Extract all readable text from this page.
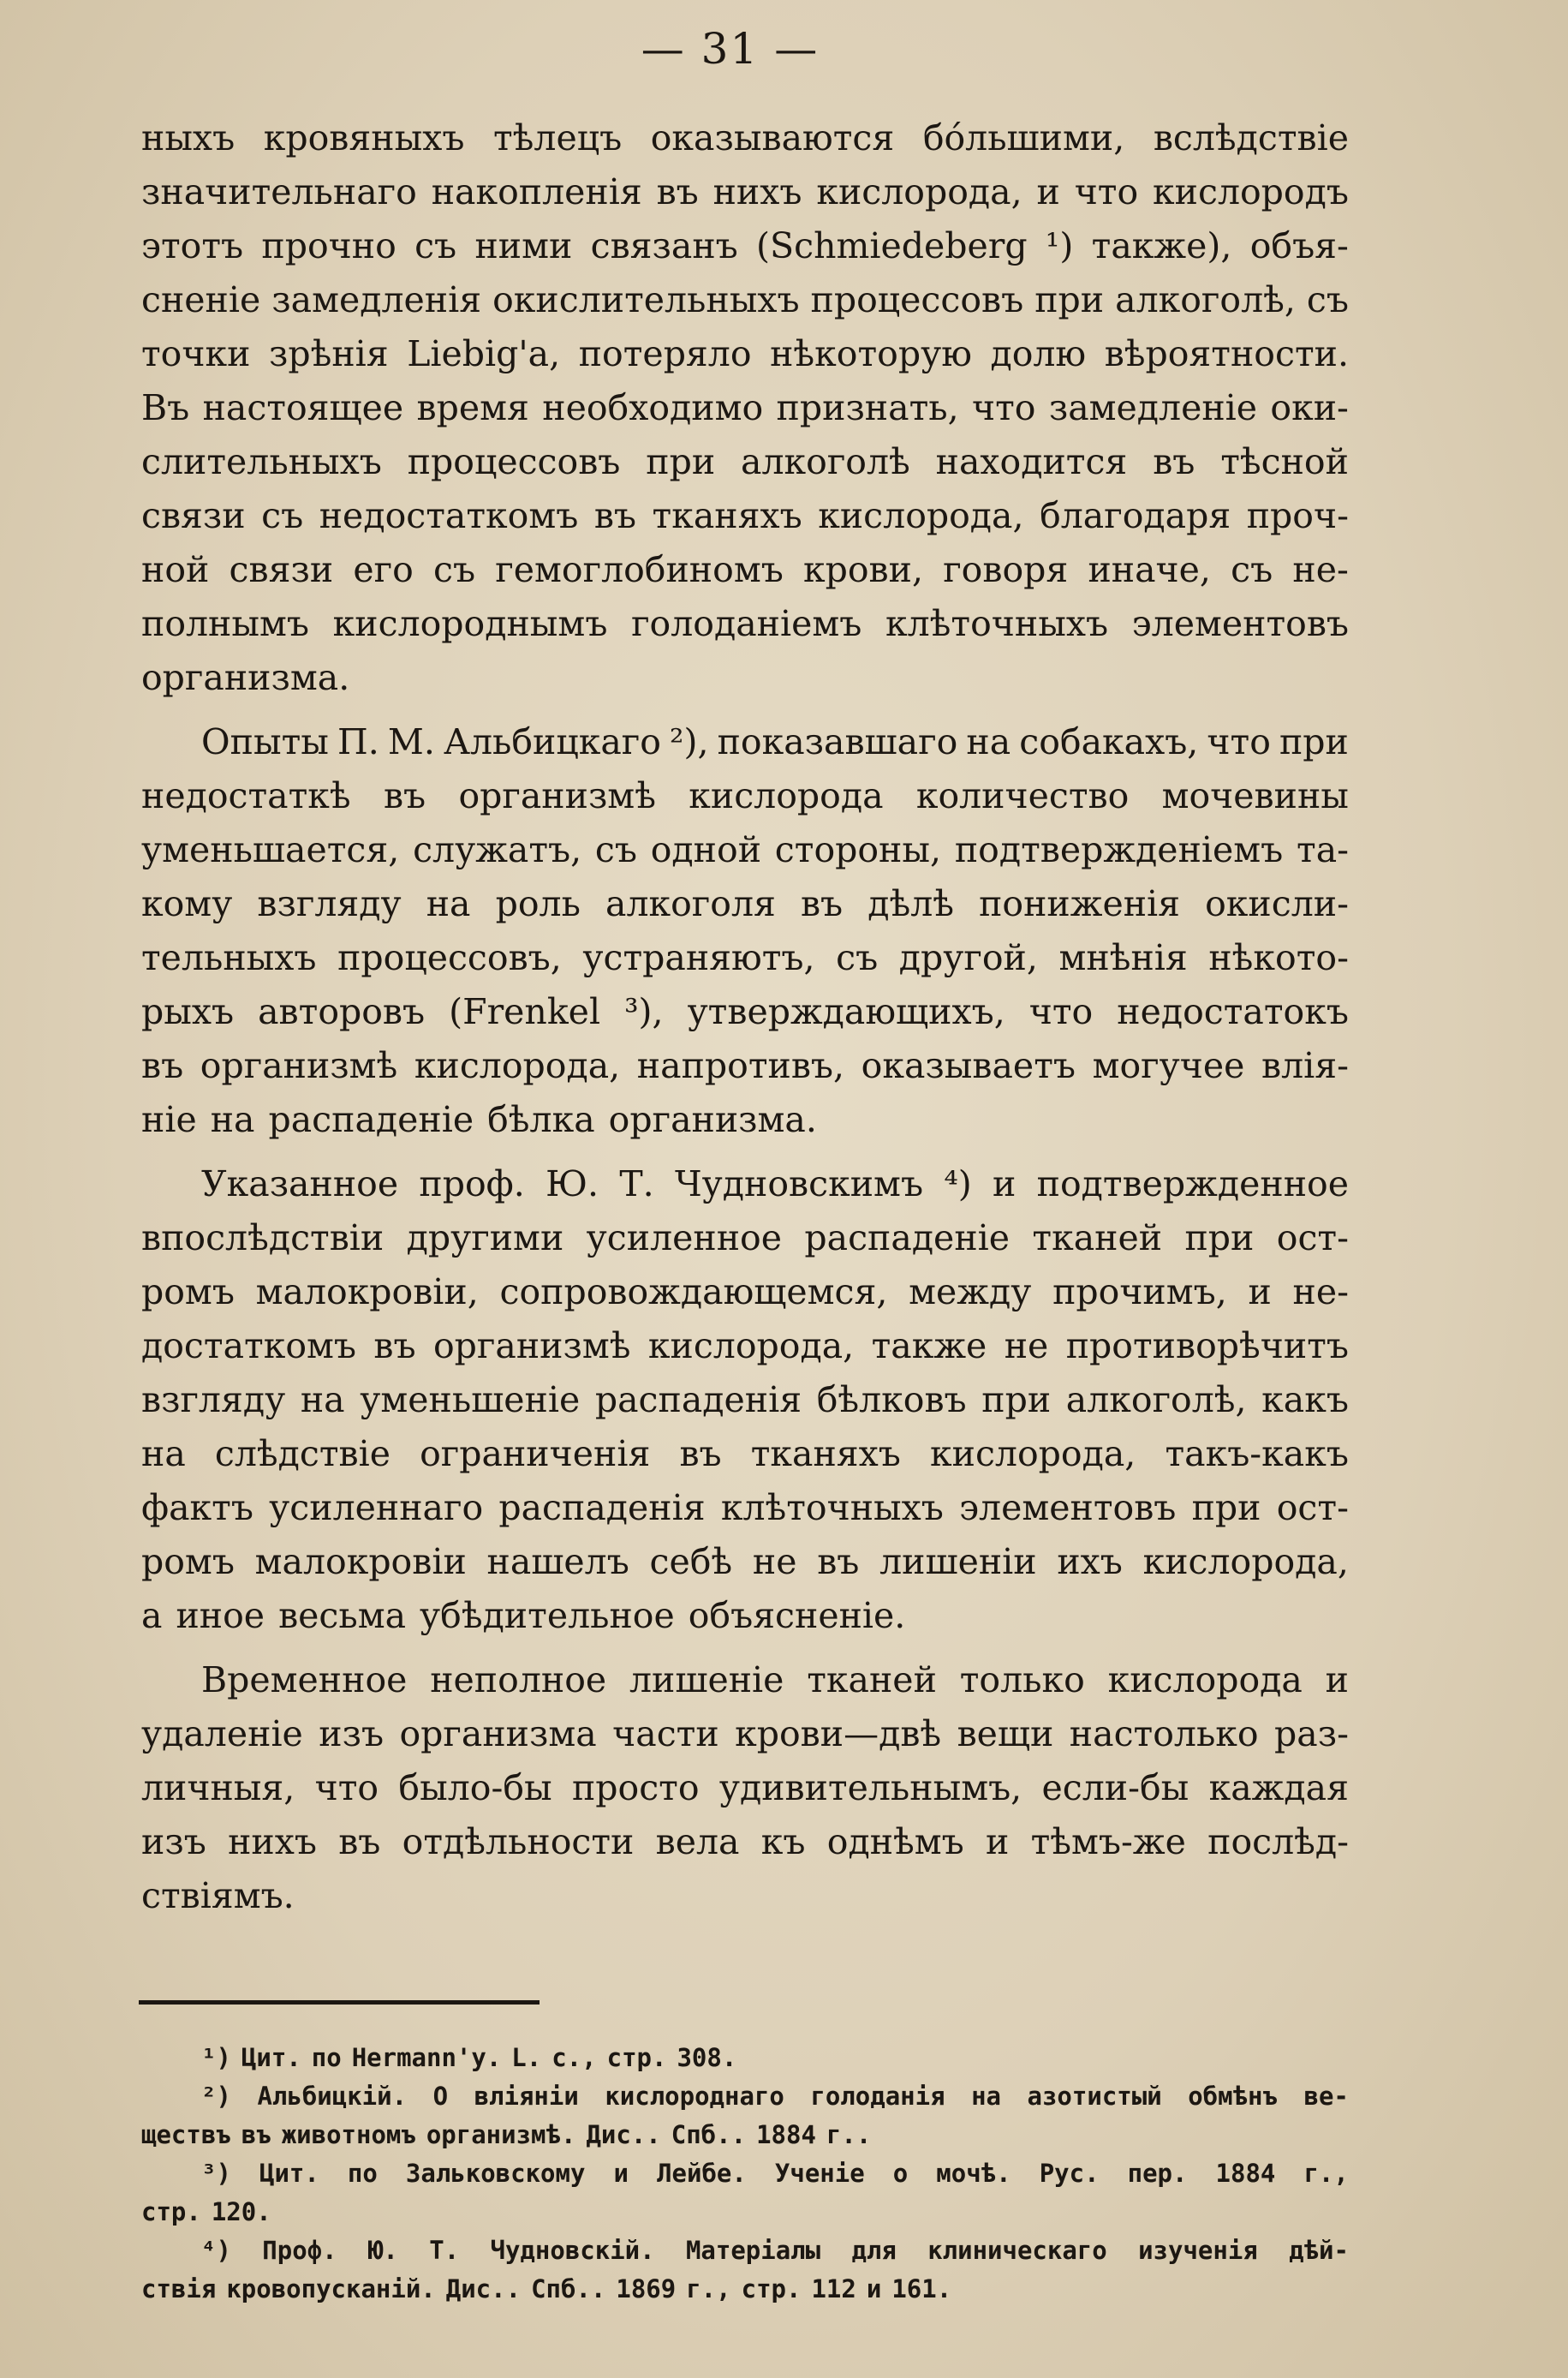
— 31 —
ныхъ кровяныхъ тѣлецъ оказываются бо́льшими, вслѣдствіе
значительнаго накопленія въ нихъ кислорода, и что кислородъ
этотъ прочно съ ними связанъ (Schmiedeberg ¹) также), объя-
сненіе замедленія окислительныхъ процессовъ при алкоголѣ, съ
точки зрѣнія Liebig'a, потеряло нѣкоторую долю вѣроятности.
Въ настоящее время необходимо признать, что замедленіе оки-
слительныхъ процессовъ при алкоголѣ находится въ тѣсной
связи съ недостаткомъ въ тканяхъ кислорода, благодаря проч-
ной связи его съ гемоглобиномъ крови, говоря иначе, съ не-
полнымъ кислороднымъ голоданіемъ клѣточныхъ элементовъ
организма.
Опыты П. М. Альбицкаго ²), показавшаго на собакахъ, что при
недостаткѣ въ организмѣ кислорода количество мочевины
уменьшается, служатъ, съ одной стороны, подтвержденіемъ та-
кому взгляду на роль алкоголя въ дѣлѣ пониженія окисли-
тельныхъ процессовъ, устраняютъ, съ другой, мнѣнія нѣкото-
рыхъ авторовъ (Frenkel ³), утверждающихъ, что недостатокъ
въ организмѣ кислорода, напротивъ, оказываетъ могучее влія-
ніе на распаденіе бѣлка организма.
Указанное проф. Ю. Т. Чудновскимъ ⁴) и подтвержденное
впослѣдствіи другими усиленное распаденіе тканей при ост-
ромъ малокровіи, сопровождающемся, между прочимъ, и не-
достаткомъ въ организмѣ кислорода, также не противорѣчитъ
взгляду на уменьшеніе распаденія бѣлковъ при алкоголѣ, какъ
на слѣдствіе ограниченія въ тканяхъ кислорода, такъ-какъ
фактъ усиленнаго распаденія клѣточныхъ элементовъ при ост-
ромъ малокровіи нашелъ себѣ не въ лишеніи ихъ кислорода,
а иное весьма убѣдительное объясненіе.
Временное неполное лишеніе тканей только кислорода и
удаленіе изъ организма части крови—двѣ вещи настолько раз-
личныя, что было-бы просто удивительнымъ, если-бы каждая
изъ нихъ въ отдѣльности вела къ однѣмъ и тѣмъ-же послѣд-
ствіямъ.
¹) Цит. по Hermann'y. L. c., стр. 308.
²) Альбицкій. О вліяніи кислороднаго голоданія на азотистый обмѣнъ ве-
ществъ въ животномъ организмѣ. Дис.. Спб.. 1884 г..
³) Цит. по Зальковскому и Лейбе. Ученіе о мочѣ. Рус. пер. 1884 г.,
стр. 120.
⁴) Проф. Ю. Т. Чудновскій. Матеріалы для клиническаго изученія дѣй-
ствія кровопусканій. Дис.. Спб.. 1869 г., стр. 112 и 161.
